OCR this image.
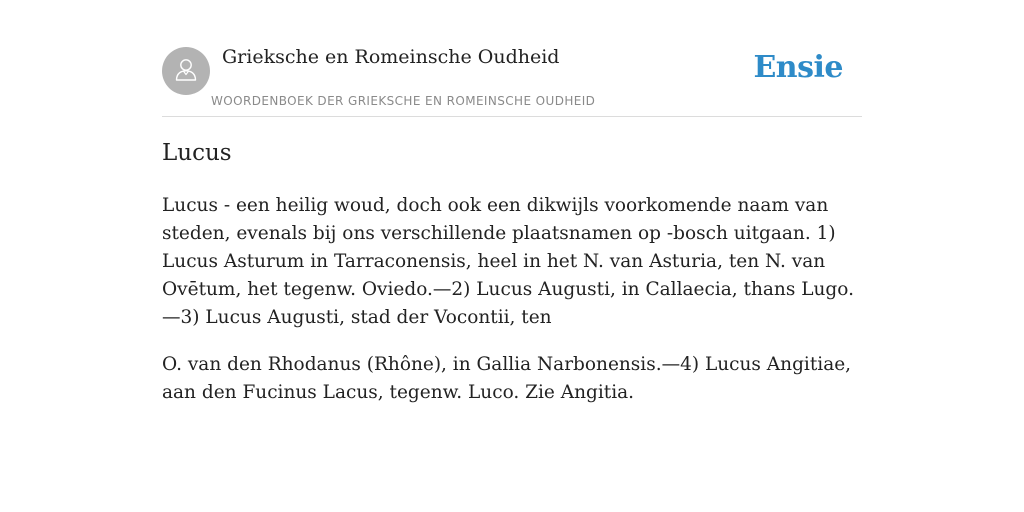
Grieksche en Romeinsche Oudheid
WOORDENBOEK DER GRIEKSCHE EN ROMEINSCHE OUDHEID
Ensie
Lucus

Lucus - een heilig woud, doch ook een dikwijls voorkomende naam van steden, evenals bij ons verschillende plaatsnamen op -bosch uitgaan. 1) Lucus Asturum in Tarraconensis, heel in het N. van Asturia, ten N. van Ovētum, het tegenw. Oviedo.—2) Lucus Augusti, in Callaecia, thans Lugo.—3) Lucus Augusti, stad der Vocontii, ten

O. van den Rhodanus (Rhône), in Gallia Narbonensis.—4) Lucus Angitiae, aan den Fucinus Lacus, tegenw. Luco. Zie Angitia.
